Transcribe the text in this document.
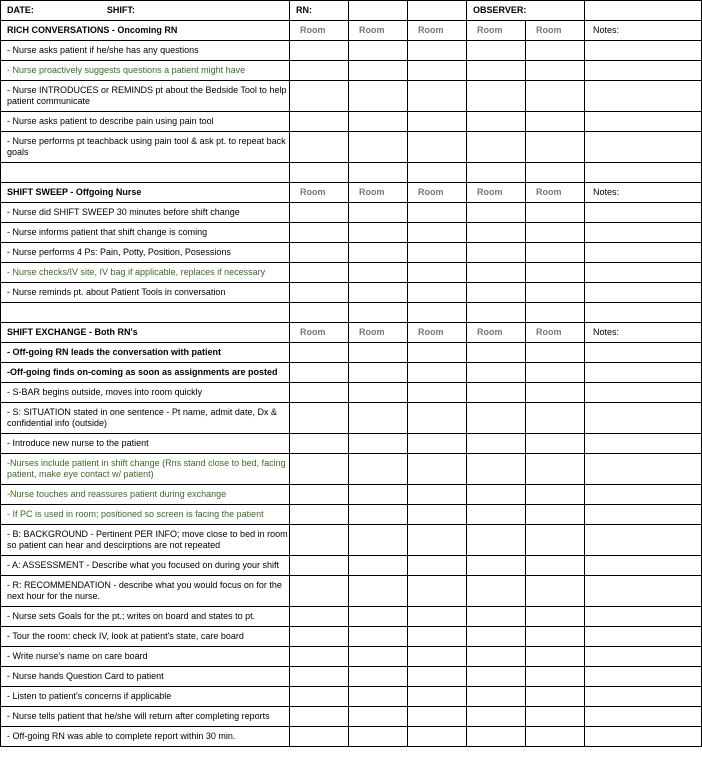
DATE: SHIFT:	RN:			OBSERVER:		
RICH CONVERSATIONS - Oncoming RN	Room	Room	Room	Room	Room	Notes:
- Nurse asks patient if he/she has any questions						
- Nurse proactively suggests questions a patient might have						
- Nurse INTRODUCES or REMINDS pt about the Bedside Tool to help patient communicate						
- Nurse asks patient to describe pain using pain tool						
- Nurse performs pt teachback using pain tool & ask pt. to repeat back goals						

SHIFT SWEEP - Offgoing Nurse	Room	Room	Room	Room	Room	Notes:
- Nurse did SHIFT SWEEP 30 minutes before shift change						
- Nurse informs patient that shift change is coming						
- Nurse performs 4 Ps: Pain, Potty, Position, Posessions						
- Nurse checks/IV site, IV bag if applicable, replaces if necessary						
- Nurse reminds pt. about Patient Tools in conversation						

SHIFT EXCHANGE - Both RN's	Room	Room	Room	Room	Room	Notes:
- Off-going RN leads the conversation with patient						
-Off-going finds on-coming as soon as assignments are posted						
- S-BAR begins outside, moves into room quickly						
- S: SITUATION stated in one sentence - Pt name, admit date, Dx & confidential info (outside)						
- Introduce new nurse to the patient						
-Nurses include patient in shift change (Rns stand close to bed, facing patient, make eye contact w/ patient)						
-Nurse touches and reassures patient during exchange						
- If PC is used in room; positioned so screen is facing the patient						
- B: BACKGROUND - Pertinent PER INFO; move close to bed in room so patient can hear and descirptions are not repeated						
- A: ASSESSMENT - Describe what you focused on during your shift						
- R: RECOMMENDATION - describe what you would focus on for the next hour for the nurse.						
- Nurse sets Goals for the pt.; writes on board and states to pt.						
- Tour the room: check IV, look at patient's state, care board						
- Write nurse's name on care board						
- Nurse hands Question Card to patient						
- Listen to patient's concerns if applicable						
- Nurse tells patient that he/she will return after completing reports						
- Off-going RN was able to complete report within 30 min.						
